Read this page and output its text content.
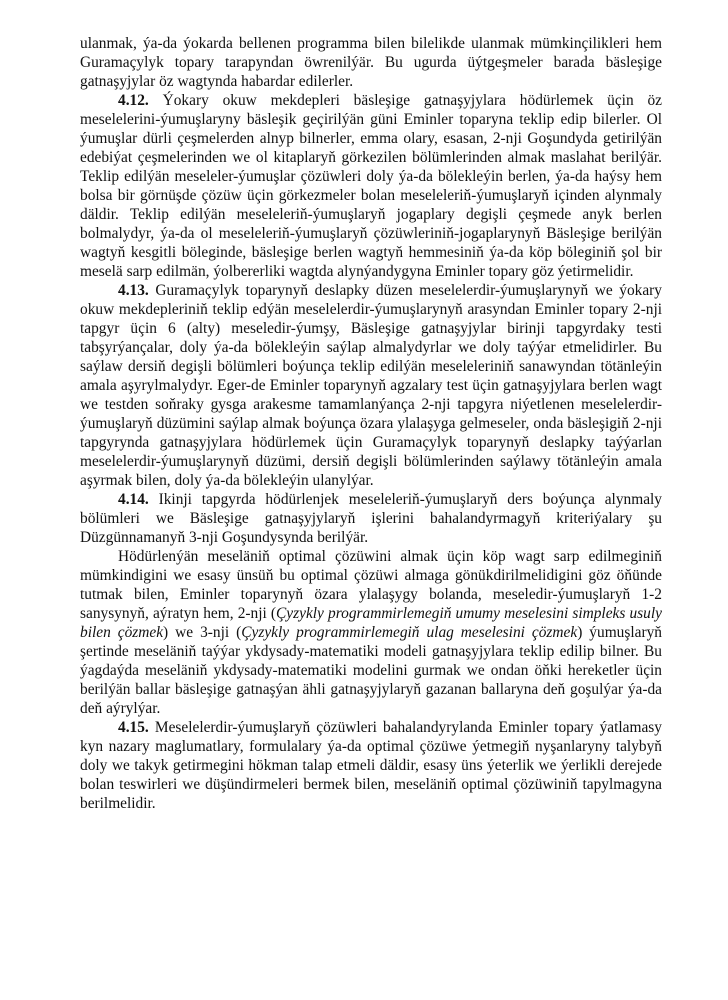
ulanmak, ýa-da ýokarda bellenen programma bilen bilelikde ulanmak mümkinçilikleri hem Guramaçylyk topary tarapyndan öwrenilýär. Bu ugurda üýtgeşmeler barada bäsleşige gatnaşyjylar öz wagtynda habardar edilerler.

4.12. Ýokary okuw mekdepleri bäsleşige gatnaşyjylara hödürlemek üçin öz meselelerini-ýumuşlaryny bäsleşik geçirilýän güni Eminler toparyna teklip edip bilerler. Ol ýumuşlar dürli çeşmelerden alnyp bilnerler, emma olary, esasan, 2-nji Goşundyda getirilýän edebiýat çeşmelerinden we ol kitaplaryň görkezilen bölümlerinden almak maslahat berilýär. Teklip edilýän meseleler-ýumuşlar çözüwleri doly ýa-da bölekleýin berlen, ýa-da haýsy hem bolsa bir görnüşde çözüw üçin görkezmeler bolan meseleleriň-ýumuşlaryň içinden alynmaly däldir. Teklip edilýän meseleleriň-ýumuşlaryň jogaplary degişli çeşmede anyk berlen bolmalydyr, ýa-da ol meseleleriň-ýumuşlaryň çözüwleriniň-jogaplarynyň Bäsleşige berilýän wagtyň kesgitli böleginde, bäsleşige berlen wagtyň hemmesiniň ýa-da köp böleginiň şol bir meselä sarp edilmän, ýolbererliki wagtda alynýandygyna Eminler topary göz ýetirmelidir.

4.13. Guramaçylyk toparynyň deslapky düzen meselelerdir-ýumuşlarynyň we ýokary okuw mekdepleriniň teklip edýän meselelerdir-ýumuşlarynyň arasyndan Eminler topary 2-nji tapgyr üçin 6 (alty) meseledir-ýumşy, Bäsleşige gatnaşyjylar birinji tapgyrdaky testi tabşyrýançalar, doly ýa-da bölekleýin saýlap almalydyrlar we doly taýýar etmelidirler. Bu saýlaw dersiň degişli bölümleri boýunça teklip edilýän meseleleriniň sanawyndan tötänleýin amala aşyrylmalydyr. Eger-de Eminler toparynyň agzalary test üçin gatnaşyjylara berlen wagt we testden soňraky gysga arakesme tamamlanýança 2-nji tapgyra niýetlenen meselelerdir-ýumuşlaryň düzümini saýlap almak boýunça özara ylalaşyga gelmeseler, onda bäsleşigiň 2-nji tapgyrynda gatnaşyjylara hödürlemek üçin Guramaçylyk toparynyň deslapky taýýarlan meselelerdir-ýumuşlarynyň düzümi, dersiň degişli bölümlerinden saýlawy tötänleýin amala aşyrmak bilen, doly ýa-da bölekleýin ulanylýar.

4.14. Ikinji tapgyrda hödürlenjek meseleleriň-ýumuşlaryň ders boýunça alynmaly bölümleri we Bäsleşige gatnaşyjylaryň işlerini bahalandyrmagyň kriteriýalary şu Düzgünnamanyň 3-nji Goşundysynda berilýär.

Hödürlenýän meseläniň optimal çözüwini almak üçin köp wagt sarp edilmeginiň mümkindigini we esasy ünsüň bu optimal çözüwi almaga gönükdirilmelidigini göz öňünde tutmak bilen, Eminler toparynyň özara ylalaşygy bolanda, meseledir-ýumuşlaryň 1-2 sanysynyň, aýratyn hem, 2-nji (Çyzykly programmirlemegiň umumy meselesini simpleks usuly bilen çözmek) we 3-nji (Çyzykly programmirlemegiň ulag meselesini çözmek) ýumuşlaryň şertinde meseläniň taýýar ykdysady-matematiki modeli gatnaşyjylara teklip edilip bilner. Bu ýagdaýda meseläniň ykdysady-matematiki modelini gurmak we ondan öňki hereketler üçin berilýän ballar bäsleşige gatnaşýan ähli gatnaşyjylaryň gazanan ballaryna deň goşulýar ýa-da deň aýrylýar.

4.15. Meselelerdir-ýumuşlaryň çözüwleri bahalandyrylanda Eminler topary ýatlamasy kyn nazary maglumatlary, formulalary ýa-da optimal çözüwe ýetmegiň nyşanlaryny talybyň doly we takyk getirmegini hökman talap etmeli däldir, esasy üns ýeterlik we ýerlikli derejede bolan teswirleri we düşündirmeleri bermek bilen, meseläniň optimal çözüwiniň tapylmagyna berilmelidir.
